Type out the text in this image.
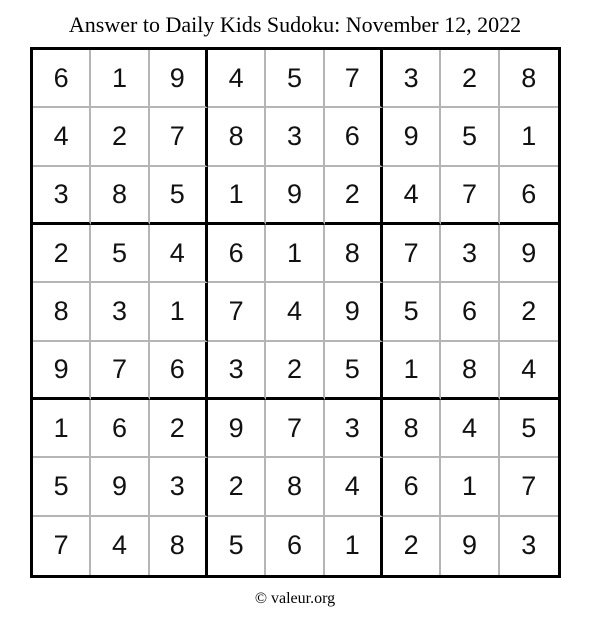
Answer to Daily Kids Sudoku: November 12, 2022
6	1	9	4	5	7	3	2	8
4	2	7	8	3	6	9	5	1
3	8	5	1	9	2	4	7	6
2	5	4	6	1	8	7	3	9
8	3	1	7	4	9	5	6	2
9	7	6	3	2	5	1	8	4
1	6	2	9	7	3	8	4	5
5	9	3	2	8	4	6	1	7
7	4	8	5	6	1	2	9	3
© valeur.org
